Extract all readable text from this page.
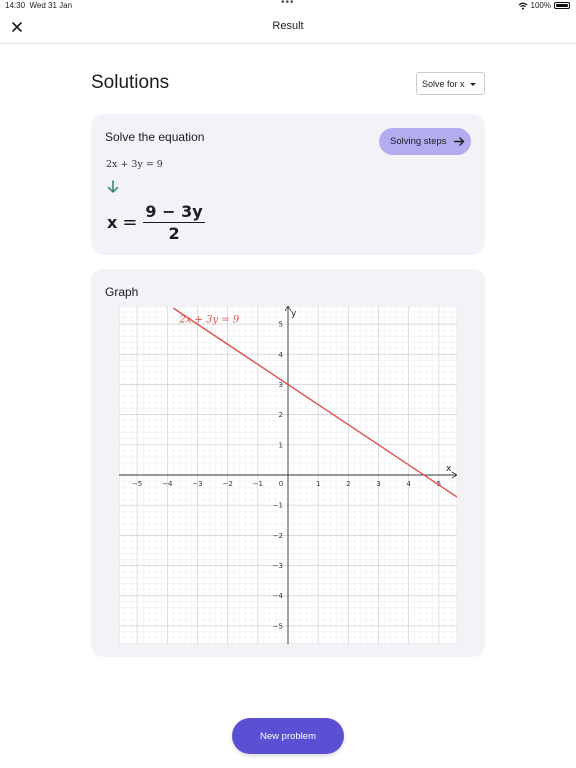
14:30 Wed 31 Jan	•••	100%
Result
Solutions	Solve for x
Solve the equation	Solving steps
2x + 3y = 9
$x = \frac{9 - 3y}{2}$
Graph
−5	−4	−3	−2	−1 0	1	2	3	4	5
−5
−4
−3
−2
−1
1
2
3
4
5
x
y
2x + 3y = 9
New problem
